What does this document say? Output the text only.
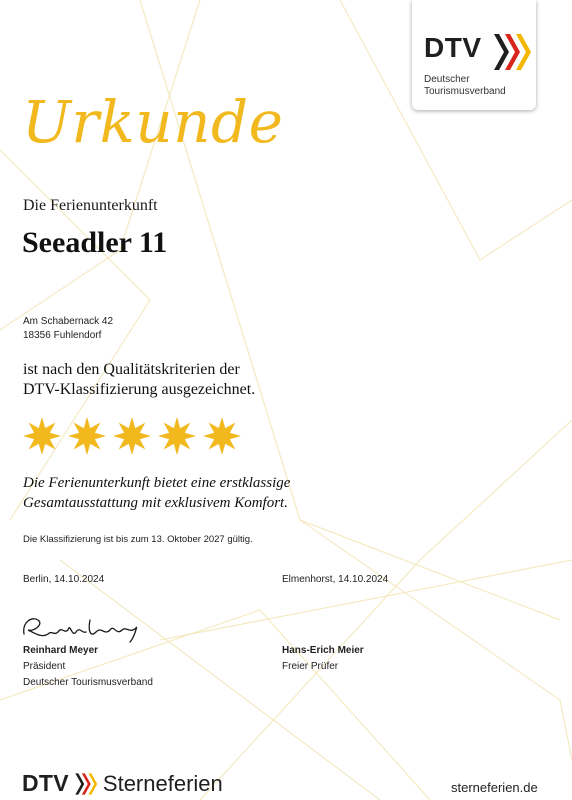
DTV
Deutscher
Tourismusverband
Urkunde
Die Ferienunterkunft
Seeadler 11
Am Schabernack 42
18356 Fuhlendorf
ist nach den Qualitätskriterien der
DTV-Klassifizierung ausgezeichnet.
Die Ferienunterkunft bietet eine erstklassige
Gesamtausstattung mit exklusivem Komfort.
Die Klassifizierung ist bis zum 13. Oktober 2027 gültig.
Berlin, 14.10.2024	Elmenhorst, 14.10.2024
Reinhard Meyer
Präsident
Deutscher Tourismusverband
Hans-Erich Meier
Freier Prüfer
DTV Sterneferien	sterneferien.de
